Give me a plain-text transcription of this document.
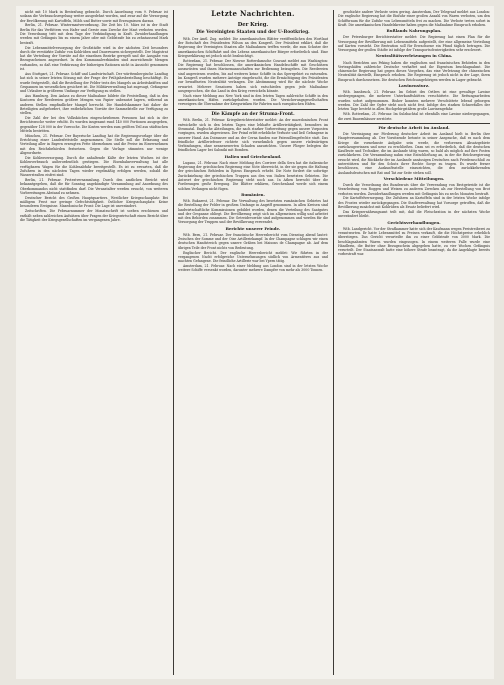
Letzte Nachrichten.

nicht mit 10 Mark in Bestrafung gebracht. Durch Anordnung vom 9. Februar ist sodann die Verbrauchsregelung weiter ausgedehnt worden, und zwar auf die Versorgung der Bevölkerung mit Kartoffeln, Milch und Butter sowie mit Erzeugnissen daraus.

Berlin, 21. Februar. Wintermastverordnung. Die Zeit bis 10. März ist in der Stadt Berlin für das Verfüttern von Hafer und Gerste zum Zwecke der Mast verboten worden. Die Verordnung tritt mit dem Tage der Verkündigung in Kraft. Zuwiderhandlungen werden mit Gefängnis bis zu einem Jahre oder mit Geldstrafe bis zu zehntausend Mark bestraft.

Die Lebensmittelversorgung der Großstädte wird in der nächsten Zeit besonders durch die verstärkte Zufuhr von Kohlrüben und Dauerwaren sichergestellt. Der Magistrat hat die Verteilung der Vorräte auf die einzelnen Bezirke geregelt und die Ausgabe von Bezugsscheinen angeordnet. In den Kommunalverbänden sind ausreichende Mengen vorhanden, so daß eine Verkürzung der bisherigen Rationen nicht in Aussicht genommen ist.

Aus Stuttgart, 21. Februar. Schiff und Landwirtschaft. Der württembergische Landtag hat sich in seiner letzten Sitzung mit der Frage der Frühjahrsbestellung beschäftigt. Es wurde festgestellt, daß die Bestellung der Felder trotz des Mangels an Arbeitskräften und Gespannen im wesentlichen gesichert ist. Die Militärverwaltung hat zugesagt, Gefangene und Urlauber in größerem Umfange zur Verfügung zu stellen.

Aus Hamburg. Den Anlass zu dieser Maßnahme bildete die Feststellung, daß in den Kontoren der Reedereien größere Mengen von Papier unbenutzt lagern, während an anderen Stellen empfindlicher Mangel herrscht. Die Handelskammer hat daher die Beteiligten aufgefordert, ihre entbehrlichen Vorräte der Sammelstelle zur Verfügung zu stellen.

Die Zahl der bei den Volksküchen eingeschriebenen Personen hat sich in der Berichtswoche weiter erhöht. Es wurden insgesamt rund 140 000 Portionen ausgegeben, gegenüber 128 000 in der Vorwoche. Die Kosten werden zum größten Teil aus städtischen Mitteln bestritten.

München, 21. Februar. Der Bayerische Landtag hat die Regierungsvorlage über die Errichtung einer Landesfettstelle angenommen. Die Stelle soll die Erfassung und Verteilung aller in Bayern erzeugten Fette übernehmen und die Preise im Einvernehmen mit den Reichsbehörden festsetzen. Gegen die Vorlage stimmten nur wenige Abgeordnete.

Die Kohlenversorgung. Durch die anhaltende Kälte der letzten Wochen ist der Kohlenverbrauch außerordentlich gestiegen. Die Eisenbahnverwaltung hat alle verfügbaren Wagen für die Kohlenabfuhr bereitgestellt. Es ist zu erwarten, daß die Zufuhren in den nächsten Tagen wieder regelmäßig erfolgen werden, sobald die Wasserstraßen eisfrei sind.

Berlin, 21. Februar. Protestversammlung. Durch den amtlichen Bericht wird bekanntgegeben, daß die für Sonntag angekündigte Versammlung auf Anordnung des Oberkommandos nicht stattfinden darf. Die Veranstalter werden ersucht, von weiteren Vorbereitungen Abstand zu nehmen.

Deutscher Bericht des Großen Hauptquartiers. Westlicher Kriegsschauplatz: Bei mäßigem Frost nur geringe Gefechtstätigkeit. Östlicher Kriegsschauplatz: Keine besonderen Ereignisse. Mazedonische Front: Die Lage ist unverändert.

Zeitschriften. Die Februarnummer der Monatsschrift ist soeben erschienen und enthält neben zahlreichen Aufsätzen über Fragen der Kriegswirtschaft einen Bericht über die Tätigkeit der Kriegsgesellschaften im vergangenen Jahre.

Der Krieg.
Die Vereinigten Staaten und der U-Bootkrieg.

Wtb. Der Amtl. Zug. meldet: Die amerikanischen Blätter veröffentlichen den Wortlaut der Botschaft des Präsidenten Wilson an den Kongreß. Der Präsident erklärt, daß die Regierung der Vereinigten Staaten alle Maßnahmen treffen werde, die zum Schutze der amerikanischen Schiffahrt und des Lebens amerikanischer Bürger erforderlich sind. Eine Kriegserklärung sei jedoch nicht beabsichtigt.

Rotterdam, 21. Februar. Der Nieuwe Rotterdamsche Courant meldet aus Washington: Die Regierung hat beschlossen, die amerikanischen Handelsschiffe mit Geschützen auszurüsten und ihnen Marinemannschaften zur Bedienung beizugeben. Die Reedereien sind angewiesen worden, bis auf weiteres keine Schiffe in das Sperrgebiet zu entsenden. Im Kongreß wurden mehrere Anträge eingebracht, die die Ermächtigung des Präsidenten zur bewaffneten Neutralität verlangen. Die Abstimmung wird für die nächste Woche erwartet. Mehrere Senatoren haben sich entschieden gegen jede Maßnahme ausgesprochen, die das Land in den Krieg verwickeln könnte.

Nach einer Meldung aus New York sind in den letzten Tagen zahlreiche Schiffe in den amerikanischen Häfen zurückgehalten worden. Die Versicherungsgesellschaften verweigern die Übernahme der Kriegsrisiken für Fahrten nach europäischen Häfen.

Die Kämpfe an der Struma-Front.

Wtb. Berlin, 21. Februar. Kriegsberichterstatter meldet: An der mazedonischen Front entwickelte sich in den letzten Tagen eine lebhafte Artillerietätigkeit, besonders im Strumatal. Englische Abteilungen, die nach starker Vorbereitung gegen unsere Vorposten vorgingen, wurden abgewiesen. Der Feind erlitt erhebliche Verluste und ließ Gefangene in unserer Hand. Am Doiransee und an der Cerna fanden nur Patrouillengefechte statt. Das feindliche Artilleriefeuer richtete sich vornehmlich gegen unsere rückwärtigen Verbindungen, ohne nennenswerten Schaden anzurichten. Unsere Flieger belegten die feindlichen Lager bei Saloniki mit Bomben.

Italien und Griechenland.

Lugano, 21. Februar. Nach einer Meldung des Corriere della Sera hat die italienische Regierung der griechischen Regierung eine Note überreicht, in der sie gegen die Haltung der griechischen Behörden in Epirus Einspruch erhebt. Die Note fordert die sofortige Zurückziehung der griechischen Truppen aus den von Italien besetzten Gebieten. Die Antwort der griechischen Regierung steht noch aus. In Athen herrscht über die Forderungen große Erregung. Die Blätter erklären, Griechenland werde sich einem solchen Verlangen nicht fügen.

Rumänien.

Wtb. Bukarest, 21. Februar. Die Verwaltung des besetzten rumänischen Gebietes hat die Bestellung der Felder in großem Umfange in Angriff genommen. In allen Kreisen sind landwirtschaftliche Kommissionen gebildet worden, denen die Verteilung des Saatgutes und der Gespanne obliegt. Die Bevölkerung zeigt sich im allgemeinen willig und arbeitet mit den Behörden zusammen. Die Getreidevorräte sind aufgenommen und werden für die Versorgung der Truppen und der Bevölkerung verwendet.

Berichte unserer Feinde.

Wtb. Bern, 21. Februar. Der französische Heeresbericht vom Dienstag abend lautet: Zwischen der Somme und der Oise Artilleriekampf. In der Champagne schlugen wir einen deutschen Handstreich gegen unsere Gräben bei Maisons de Champagne ab. Auf dem übrigen Teile der Front nichts von Bedeutung.

Englischer Bericht. Der englische Heeresbericht meldet: Wir führten in der vergangenen Nacht erfolgreiche Unternehmungen südlich von Armentières aus und machten Gefangene. Die feindliche Artillerie war bei Ypern tätig.

Amsterdam, 21. Februar. Nach einer Meldung aus London sind in der letzten Woche weitere Schiffe versenkt worden, darunter mehrere Dampfer von mehr als 3000 Tonnen.

geschickte andere Verluste seien gering. Amsterdam, Der Telegraaf meldet aus London: Die englische Regierung hat die Einfuhr einer großen Anzahl von Waren verboten, um den Schiffsraum für die Zufuhr von Lebensmitteln frei zu machen. Die Verbote treten sofort in Kraft. Die amerikanischen Handelskreise haben gegen die Maßnahme Einspruch erhoben.

Rußlands Nahrungsplan.

Der Petersburger Berichterstatter meldet: Die Regierung hat einen Plan für die Versorgung der Bevölkerung mit Lebensmitteln aufgestellt, der eine allgemeine Verteilung auf Karten vorsieht. Die Brotration soll für Erwachsene ein Pfund täglich betragen. Die Versorgung der großen Städte ist infolge der Transportschwierigkeiten sehr erschwert.

Neutralitätsverletzungen in China.

Nach Berichten aus Peking haben die englischen und französischen Behörden in den Vertragshäfen zahlreiche Deutsche verhaftet und ihr Eigentum beschlagnahmt. Die chinesische Regierung hat gegen dieses Vorgehen, das eine Verletzung der chinesischen Neutralität darstellt, Einspruch erhoben. Die Regierung ist jedoch nicht in der Lage, ihren Einspruch durchzusetzen. Die deutschen Reichsangehörigen werden in Lager gebracht.

Lawinensturz.

Wtb. Innsbruck, 21. Februar. Im Gebiet des Ortlers ist eine gewaltige Lawine niedergegangen, die mehrere Unterkunftshütten verschüttete. Die Rettungsarbeiten wurden sofort aufgenommen. Bisher konnten mehrere Verschüttete lebend geborgen werden. Die Zahl der Opfer steht noch nicht fest. Infolge des starken Schneefalles der letzten Tage besteht in allen Hochgebirgstälern große Lawinengefahr.

Wtb. Rotterdam, 21. Februar. Im Sulzbachtal ist ebenfalls eine Lawine niedergegangen, die zwei Bauernhäuser zerstörte.

Für deutsche Arbeit im Ausland.

Die Vereinigung zur Förderung deutscher Arbeit im Ausland hielt in Berlin ihre Hauptversammlung ab. Der Vorsitzende betonte in seiner Ansprache, daß es nach dem Kriege die vornehmste Aufgabe sein werde, die verlorenen Absatzgebiete zurückzugewinnen und neue zu erschließen. Dazu sei es erforderlich, daß die deutschen Kaufleute und Techniker, die im Auslande tätig waren, so bald als möglich auf ihre Posten zurückkehren. Die Versammlung nahm eine Entschließung an, in der die Reichsregierung ersucht wird, die Rückkehr der im Auslande ansässigen Deutschen nach Friedensschluß zu unterstützen und für den Schutz ihrer Rechte Sorge zu tragen. Es wurde ferner beschlossen, eine Auskunftsstelle einzurichten, die den zurückkehrenden Auslandsdeutschen mit Rat und Tat zur Seite stehen soll.

Verschiedene Mitteilungen.

Durch die Verordnung des Bundesrats über die Verwendung von Brotgetreide ist die Verarbeitung von Roggen und Weizen zu anderen Zwecken als zur Herstellung von Brot verboten worden. Zuwiderhandlungen werden mit Gefängnis bis zu sechs Monaten bestraft.

Die Kartoffelversorgung. Die Zufuhren an Kartoffeln sind in der letzten Woche infolge des Frostes wieder zurückgegangen. Die Stadtverwaltung hat Vorsorge getroffen, daß die Bevölkerung zunächst mit Kohlrüben als Ersatz beliefert wird.

Das Kriegsernährungsamt teilt mit, daß die Fleischration in der nächsten Woche unverändert bleibt.

Gerichtsverhandlungen.

Wtb. Landgericht. Vor der Strafkammer hatte sich der Kaufmann wegen Preistreiberei zu verantworten. Er hatte Lebensmittel zu Preisen verkauft, die die Höchstpreise erheblich überstiegen. Das Gericht verurteilte ihn zu einer Geldstrafe von 3000 Mark. Die beschlagnahmten Waren wurden eingezogen. In einem weiteren Falle wurde eine Händlerin, die Butter ohne Bezugsschein abgegeben hatte, zu vier Wochen Gefängnis verurteilt. Der Staatsanwalt hatte eine höhere Strafe beantragt, da die Angeklagte bereits vorbestraft war.
